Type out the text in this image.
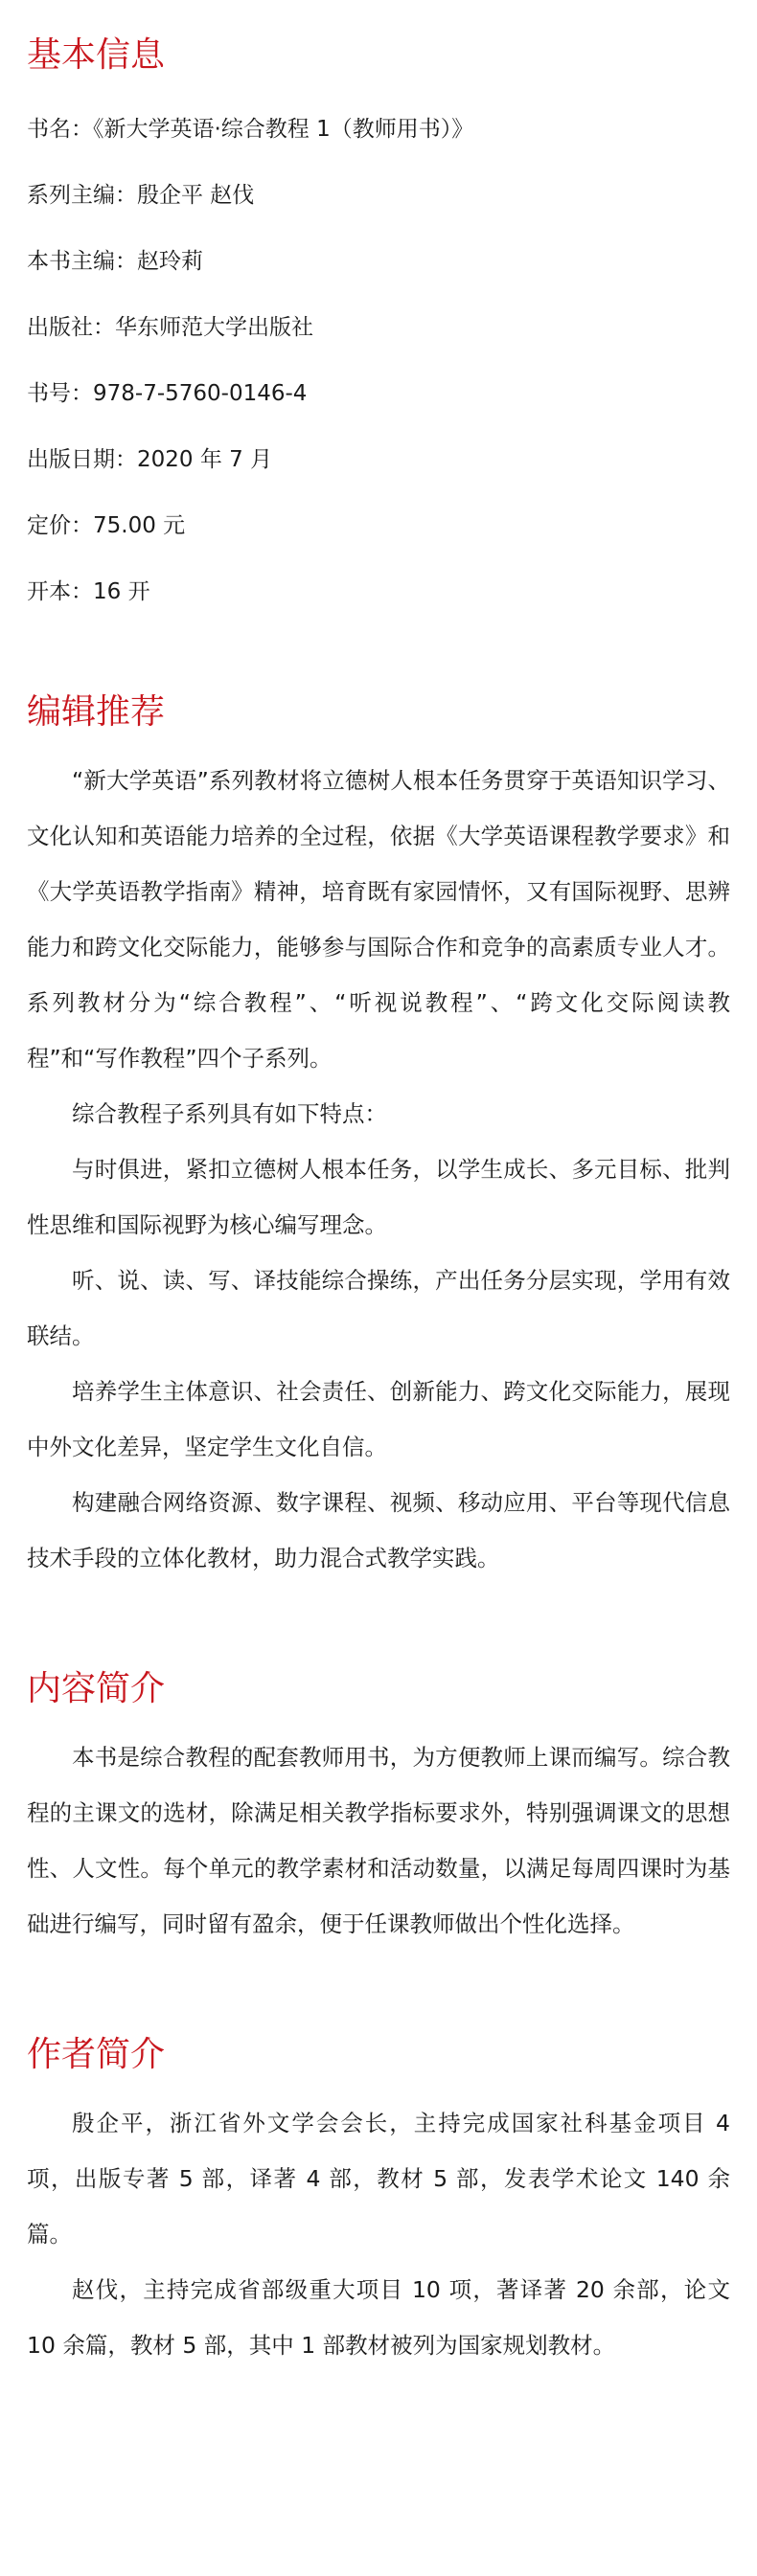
基本信息

书名：《新大学英语·综合教程 1（教师用书）》

系列主编：殷企平 赵伐

本书主编：赵玲莉

出版社：华东师范大学出版社

书号：978-7-5760-0146-4

出版日期：2020 年 7 月

定价：75.00 元

开本：16 开

编辑推荐

“新大学英语”系列教材将立德树人根本任务贯穿于英语知识学习、文化认知和英语能力培养的全过程，依据《大学英语课程教学要求》和《大学英语教学指南》精神，培育既有家园情怀，又有国际视野、思辨能力和跨文化交际能力，能够参与国际合作和竞争的高素质专业人才。系列教材分为“综合教程”、“听视说教程”、“跨文化交际阅读教程”和“写作教程”四个子系列。

综合教程子系列具有如下特点：

与时俱进，紧扣立德树人根本任务，以学生成长、多元目标、批判性思维和国际视野为核心编写理念。

听、说、读、写、译技能综合操练，产出任务分层实现，学用有效联结。

培养学生主体意识、社会责任、创新能力、跨文化交际能力，展现中外文化差异，坚定学生文化自信。

构建融合网络资源、数字课程、视频、移动应用、平台等现代信息技术手段的立体化教材，助力混合式教学实践。

内容简介

本书是综合教程的配套教师用书，为方便教师上课而编写。综合教程的主课文的选材，除满足相关教学指标要求外，特别强调课文的思想性、人文性。每个单元的教学素材和活动数量，以满足每周四课时为基础进行编写，同时留有盈余，便于任课教师做出个性化选择。

作者简介

殷企平，浙江省外文学会会长，主持完成国家社科基金项目 4 项，出版专著 5 部，译著 4 部，教材 5 部，发表学术论文 140 余篇。

赵伐，主持完成省部级重大项目 10 项，著译著 20 余部，论文 10 余篇，教材 5 部，其中 1 部教材被列为国家规划教材。
